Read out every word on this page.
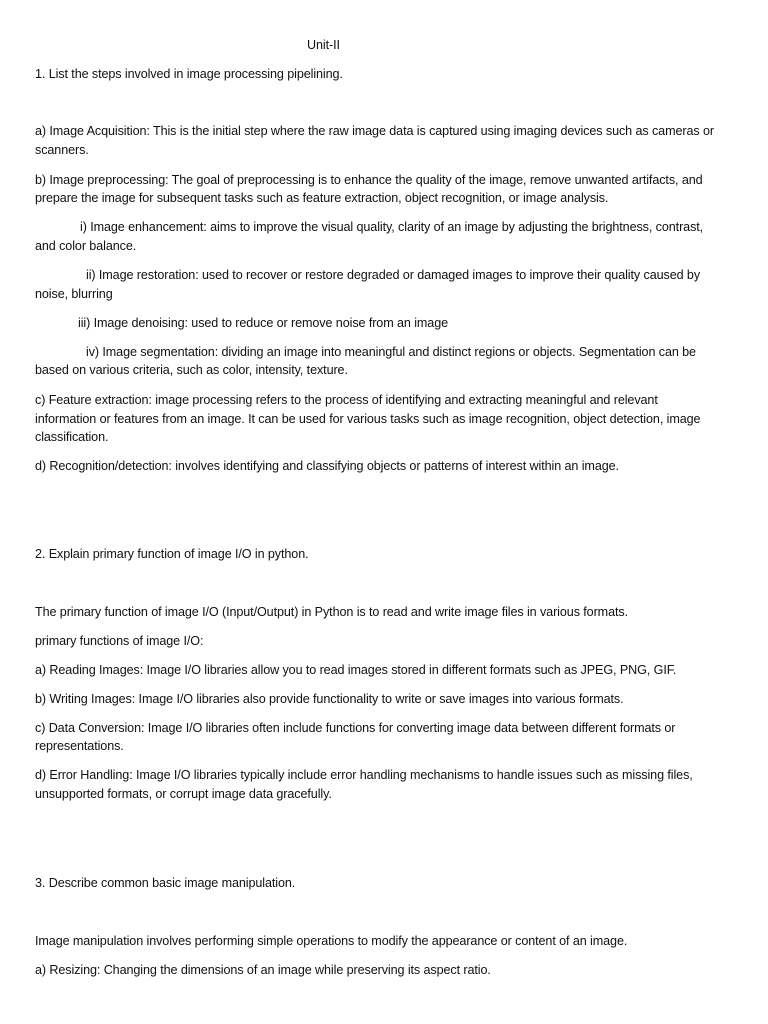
Unit-II

1. List the steps involved in image processing pipelining.

a) Image Acquisition: This is the initial step where the raw image data is captured using imaging devices such as cameras or

scanners.

b) Image preprocessing: The goal of preprocessing is to enhance the quality of the image, remove unwanted artifacts, and

prepare the image for subsequent tasks such as feature extraction, object recognition, or image analysis.

i) Image enhancement: aims to improve the visual quality, clarity of an image by adjusting the brightness, contrast,

and color balance.

ii) Image restoration: used to recover or restore degraded or damaged images to improve their quality caused by

noise, blurring

iii) Image denoising: used to reduce or remove noise from an image

iv) Image segmentation: dividing an image into meaningful and distinct regions or objects. Segmentation can be

based on various criteria, such as color, intensity, texture.

c) Feature extraction: image processing refers to the process of identifying and extracting meaningful and relevant

information or features from an image. It can be used for various tasks such as image recognition, object detection, image

classification.

d) Recognition/detection: involves identifying and classifying objects or patterns of interest within an image.

2. Explain primary function of image I/O in python.

The primary function of image I/O (Input/Output) in Python is to read and write image files in various formats.

primary functions of image I/O:

a) Reading Images: Image I/O libraries allow you to read images stored in different formats such as JPEG, PNG, GIF.

b) Writing Images: Image I/O libraries also provide functionality to write or save images into various formats.

c) Data Conversion: Image I/O libraries often include functions for converting image data between different formats or

representations.

d) Error Handling: Image I/O libraries typically include error handling mechanisms to handle issues such as missing files,

unsupported formats, or corrupt image data gracefully.

3. Describe common basic image manipulation.

Image manipulation involves performing simple operations to modify the appearance or content of an image.

a) Resizing: Changing the dimensions of an image while preserving its aspect ratio.
